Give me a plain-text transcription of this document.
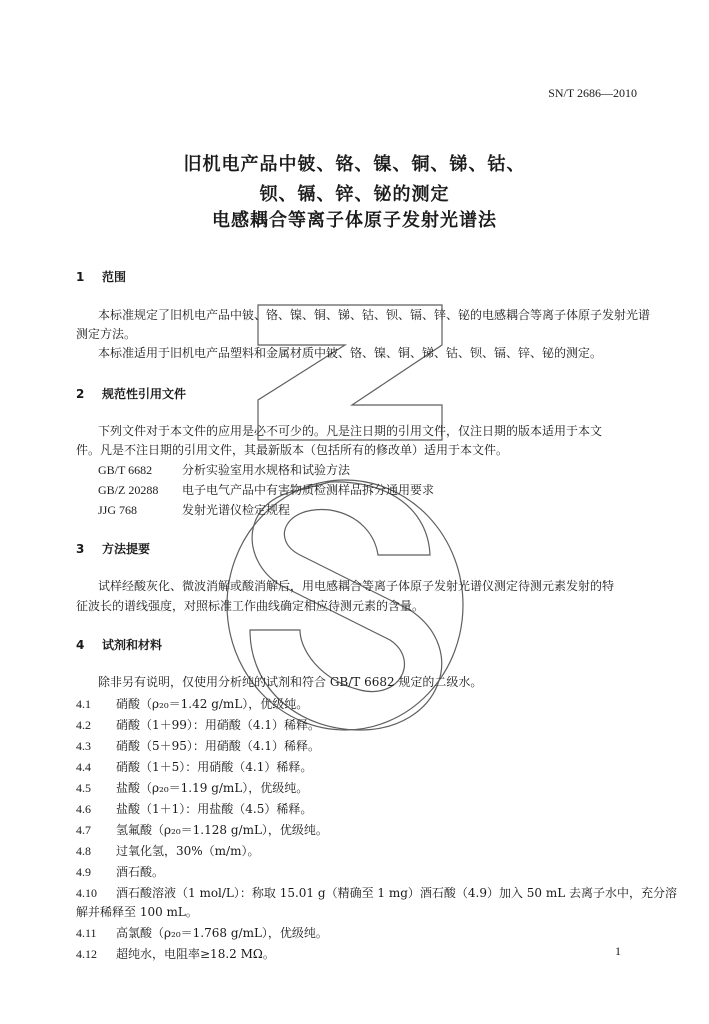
SN/T 2686—2010
旧机电产品中铍、铬、镍、铜、锑、钴、
钡、镉、锌、铋的测定
电感耦合等离子体原子发射光谱法
1 范围
本标准规定了旧机电产品中铍、铬、镍、铜、锑、钴、钡、镉、锌、铋的电感耦合等离子体原子发射光谱
测定方法。
本标准适用于旧机电产品塑料和金属材质中铍、铬、镍、铜、锑、钴、钡、镉、锌、铋的测定。
2 规范性引用文件
下列文件对于本文件的应用是必不可少的。凡是注日期的引用文件，仅注日期的版本适用于本文
件。凡是不注日期的引用文件，其最新版本（包括所有的修改单）适用于本文件。
GB/T 6682 分析实验室用水规格和试验方法
GB/Z 20288 电子电气产品中有害物质检测样品拆分通用要求
JJG 768	发射光谱仪检定规程
3 方法提要
试样经酸灰化、微波消解或酸消解后，用电感耦合等离子体原子发射光谱仪测定待测元素发射的特
征波长的谱线强度，对照标准工作曲线确定相应待测元素的含量。
4 试剂和材料
除非另有说明，仅使用分析纯的试剂和符合 GB/T 6682 规定的二级水。
4.1 硝酸（ρ₂₀＝1.42 g/mL），优级纯。
4.2 硝酸（1＋99）：用硝酸（4.1）稀释。
4.3 硝酸（5＋95）：用硝酸（4.1）稀释。
4.4 硝酸（1＋5）：用硝酸（4.1）稀释。
4.5 盐酸（ρ₂₀＝1.19 g/mL），优级纯。
4.6 盐酸（1＋1）：用盐酸（4.5）稀释。
4.7 氢氟酸（ρ₂₀＝1.128 g/mL），优级纯。
4.8 过氧化氢，30%（m/m）。
4.9 酒石酸。
4.10 酒石酸溶液（1 mol/L）：称取 15.01 g（精确至 1 mg）酒石酸（4.9）加入 50 mL 去离子水中，充分溶
解并稀释至 100 mL。
4.11 高氯酸（ρ₂₀＝1.768 g/mL），优级纯。
4.12 超纯水，电阻率≥18.2 MΩ。	1
